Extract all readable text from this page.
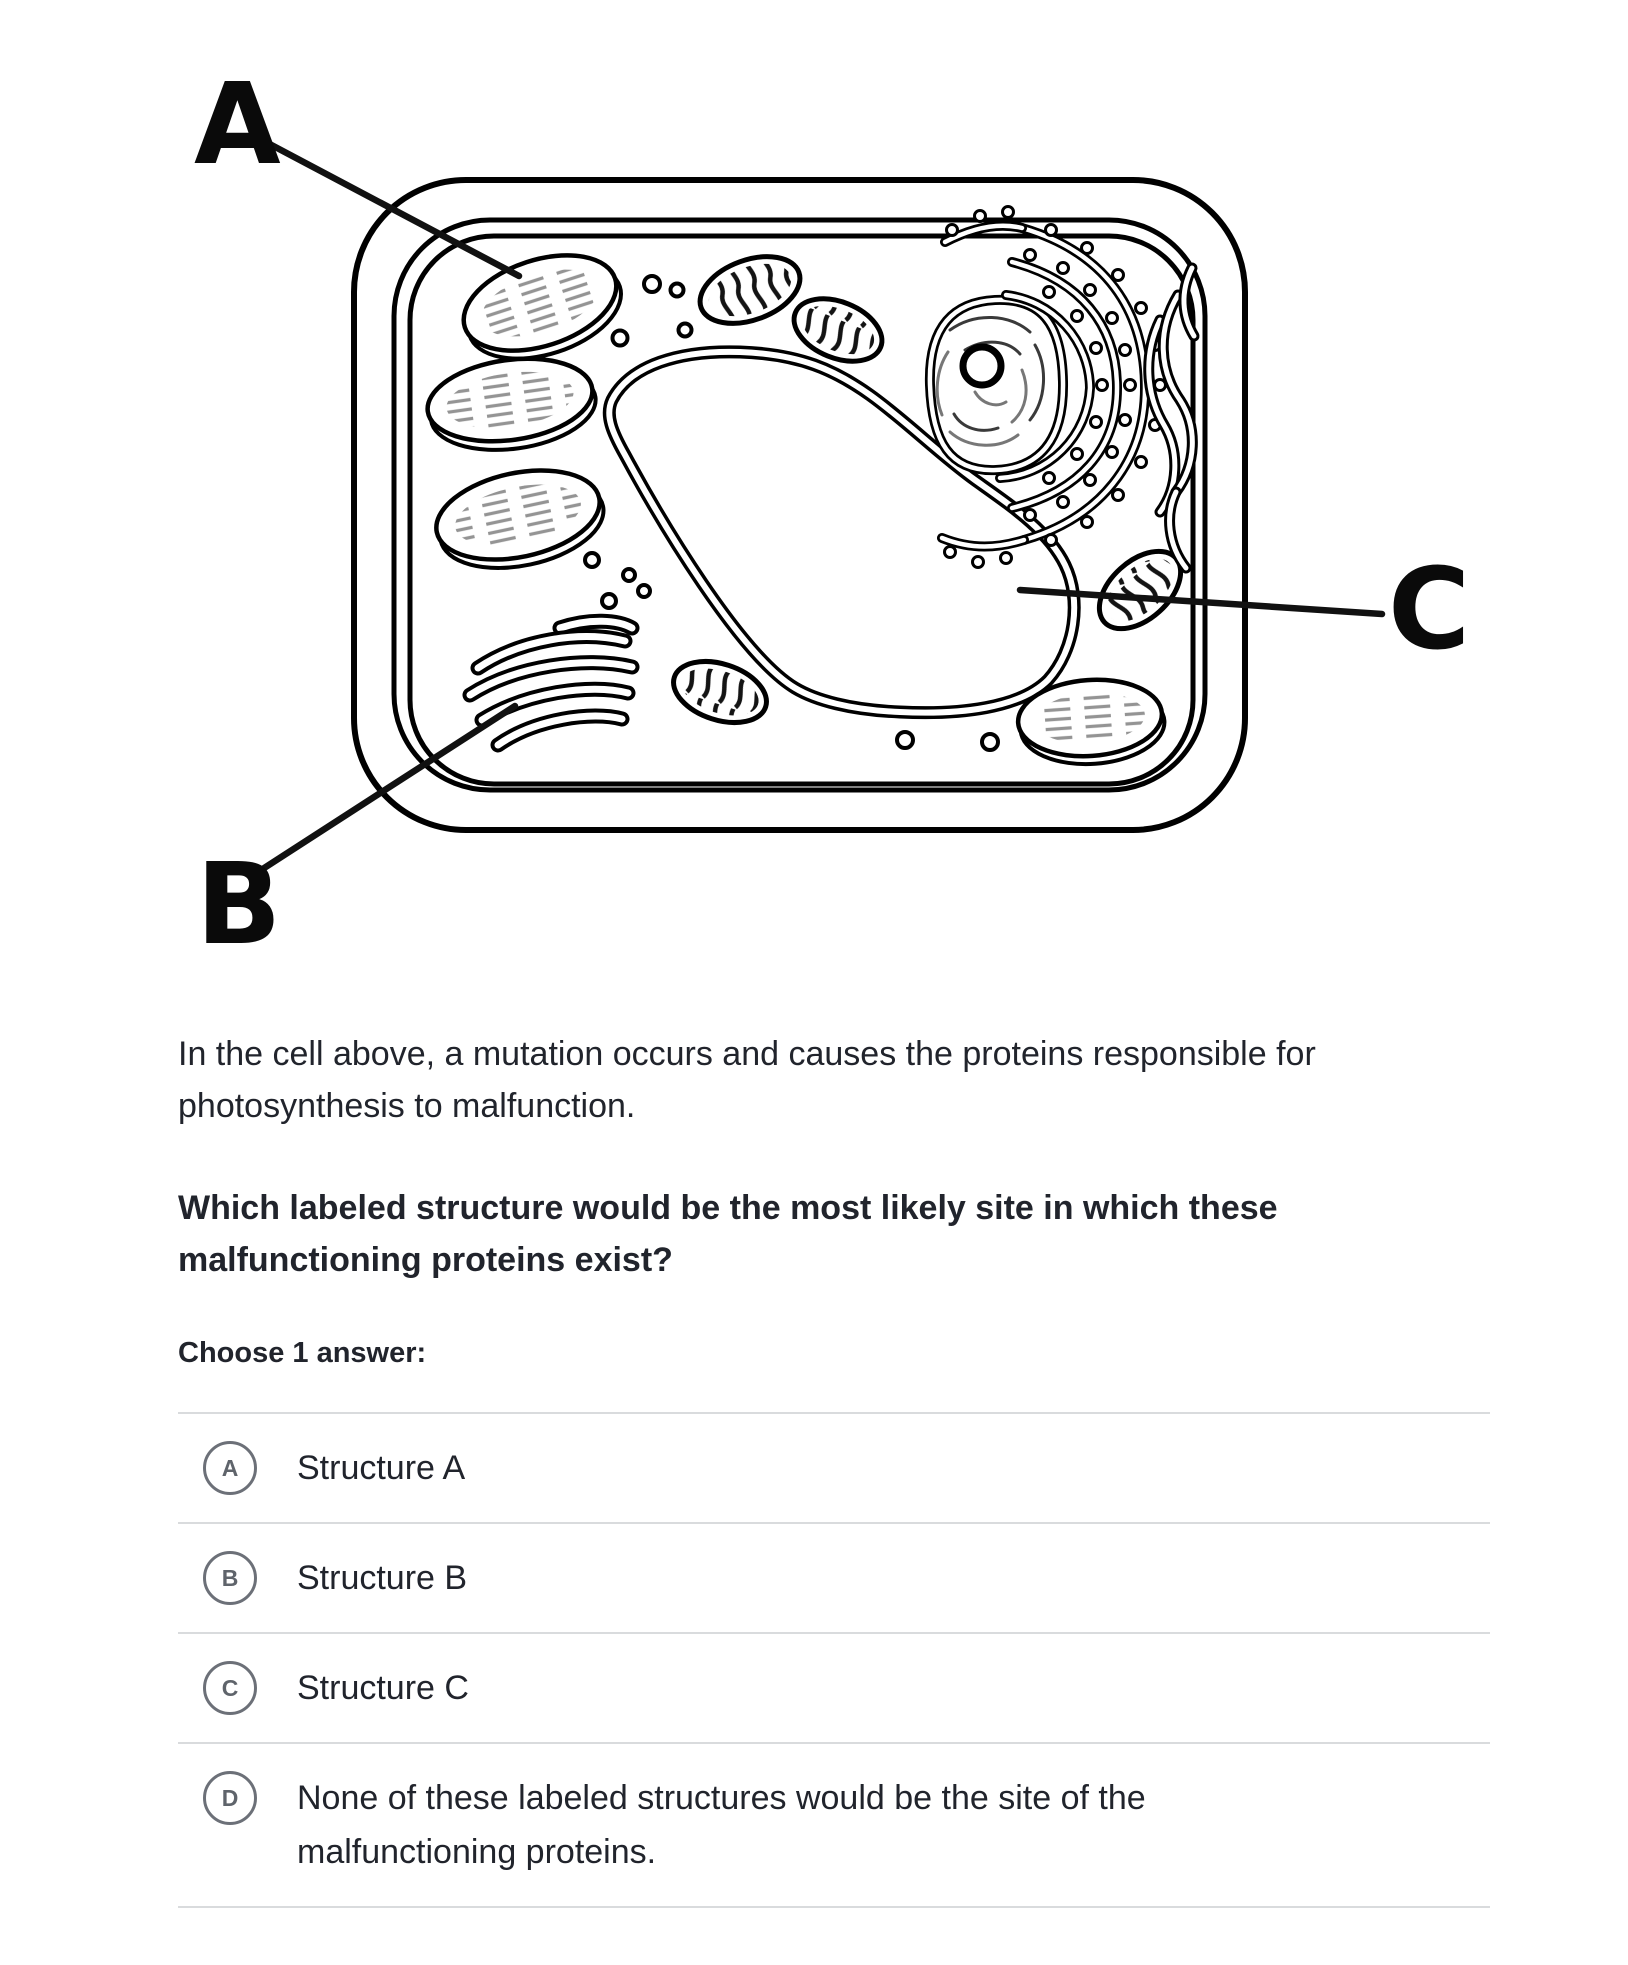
A
B
C

In the cell above, a mutation occurs and causes the proteins responsible for
photosynthesis to malfunction.

Which labeled structure would be the most likely site in which these
malfunctioning proteins exist?

Choose 1 answer:
A Structure A
B Structure B
C Structure C
D None of these labeled structures would be the site of the
malfunctioning proteins.
